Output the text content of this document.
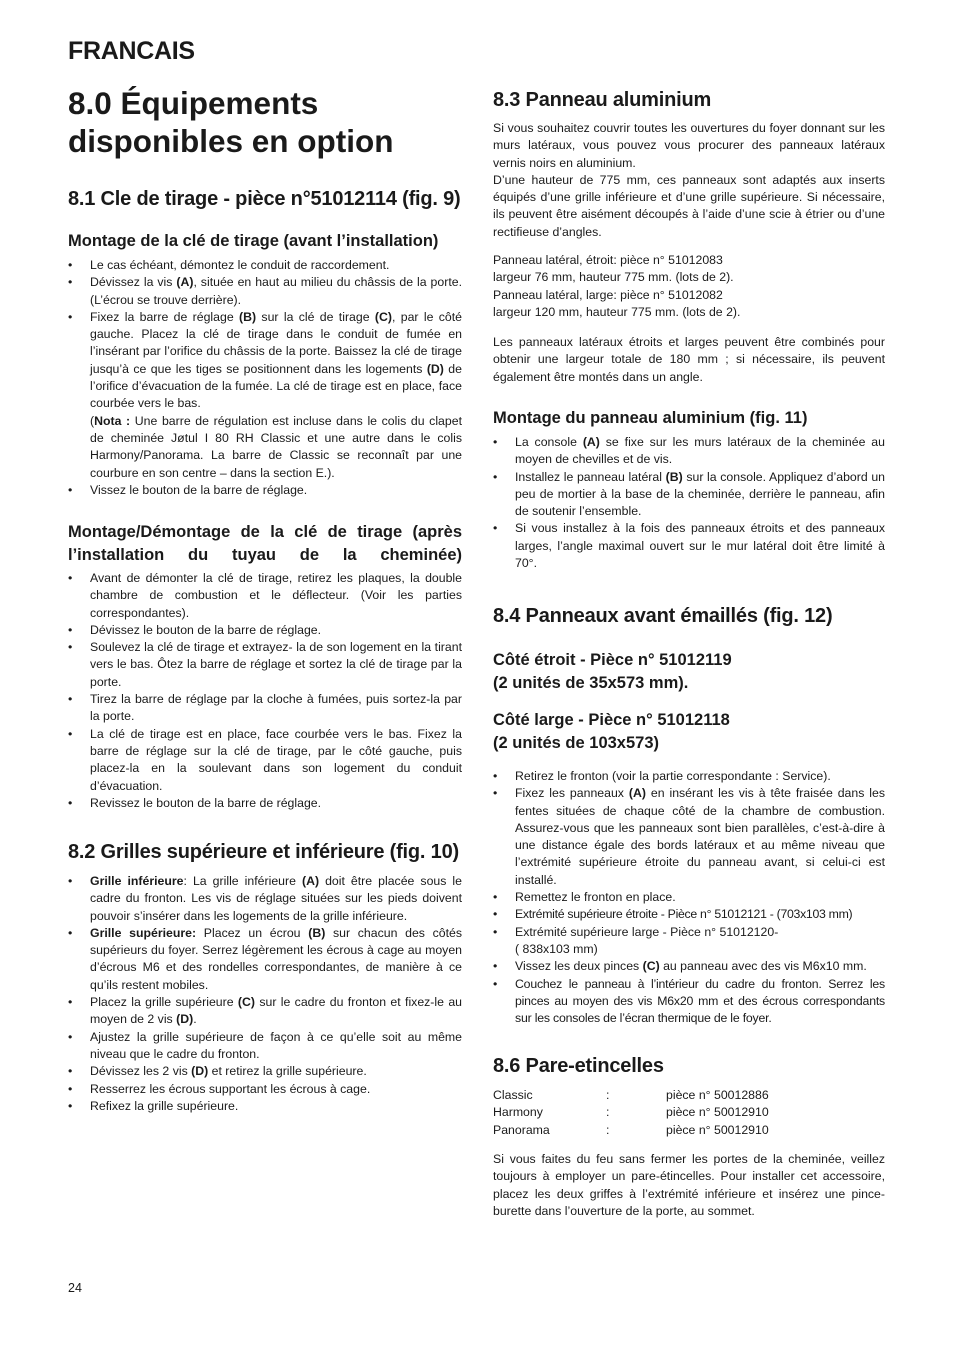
FRANCAIS
8.0 Équipements
disponibles en option
8.1 Cle de tirage - pièce n°51012114 (fig. 9)
Montage de la clé de tirage (avant l’installation)
• Le cas échéant, démontez le conduit de raccordement.
• Dévissez la vis (A), située en haut au milieu du châssis de la porte. (L’écrou se trouve derrière).
• Fixez la barre de réglage (B) sur la clé de tirage (C), par le côté gauche. Placez la clé de tirage dans le conduit de fumée en l’insérant par l’orifice du châssis de la porte. Baissez la clé de tirage jusqu’à ce que les tiges se positionnent dans les logements (D) de l’orifice d’évacuation de la fumée. La clé de tirage est en place, face courbée vers le bas.
(Nota : Une barre de régulation est incluse dans le colis du clapet de cheminée Jøtul I 80 RH Classic et une autre dans le colis Harmony/Panorama. La barre de Classic se reconnaît par une courbure en son centre – dans la section E.).
• Vissez le bouton de la barre de réglage.
Montage/Démontage de la clé de tirage (après l’installation du tuyau de la cheminée)
• Avant de démonter la clé de tirage, retirez les plaques, la double chambre de combustion et le déflecteur. (Voir les parties correspondantes).
• Dévissez le bouton de la barre de réglage.
• Soulevez la clé de tirage et extrayez- la de son logement en la tirant vers le bas. Ôtez la barre de réglage et sortez la clé de tirage par la porte.
• Tirez la barre de réglage par la cloche à fumées, puis sortez-la par la porte.
• La clé de tirage est en place, face courbée vers le bas. Fixez la barre de réglage sur la clé de tirage, par le côté gauche, puis placez-la en la soulevant dans son logement du conduit d’évacuation.
• Revissez le bouton de la barre de réglage.
8.2 Grilles supérieure et inférieure (fig. 10)
• Grille inférieure: La grille inférieure (A) doit être placée sous le cadre du fronton. Les vis de réglage situées sur les pieds doivent pouvoir s’insérer dans les logements de la grille inférieure.
• Grille supérieure: Placez un écrou (B) sur chacun des côtés supérieurs du foyer. Serrez légèrement les écrous à cage au moyen d’écrous M6 et des rondelles correspondantes, de manière à ce qu’ils restent mobiles.
• Placez la grille supérieure (C) sur le cadre du fronton et fixez-le au moyen de 2 vis (D).
• Ajustez la grille supérieure de façon à ce qu’elle soit au même niveau que le cadre du fronton.
• Dévissez les 2 vis (D) et retirez la grille supérieure.
• Resserrez les écrous supportant les écrous à cage.
• Refixez la grille supérieure.
8.3 Panneau aluminium

Si vous souhaitez couvrir toutes les ouvertures du foyer donnant sur les murs latéraux, vous pouvez vous procurer des panneaux latéraux vernis noirs en aluminium.

D’une hauteur de 775 mm, ces panneaux sont adaptés aux inserts équipés d’une grille inférieure et d’une grille supérieure. Si nécessaire, ils peuvent être aisément découpés à l’aide d’une scie à étrier ou d’une rectifieuse d’angles.

Panneau latéral, étroit: pièce n° 51012083
largeur 76 mm, hauteur 775 mm. (lots de 2).
Panneau latéral, large: pièce n° 51012082
largeur 120 mm, hauteur 775 mm. (lots de 2).

Les panneaux latéraux étroits et larges peuvent être combinés pour obtenir une largeur totale de 180 mm ; si nécessaire, ils peuvent également être montés dans un angle.

Montage du panneau aluminium (fig. 11)
• La console (A) se fixe sur les murs latéraux de la cheminée au moyen de chevilles et de vis.
• Installez le panneau latéral (B) sur la console. Appliquez d’abord un peu de mortier à la base de la cheminée, derrière le panneau, afin de soutenir l’ensemble.
• Si vous installez à la fois des panneaux étroits et des panneaux larges, l’angle maximal ouvert sur le mur latéral doit être limité à 70°.
8.4 Panneaux avant émaillés (fig. 12)
Côté étroit - Pièce n° 51012119
(2 unités de 35x573 mm).
Côté large - Pièce n° 51012118
(2 unités de 103x573)
• Retirez le fronton (voir la partie correspondante : Service).
• Fixez les panneaux (A) en insérant les vis à tête fraisée dans les fentes situées de chaque côté de la chambre de combustion. Assurez-vous que les panneaux sont bien parallèles, c’est-à-dire à une distance égale des bords latéraux et au même niveau que l’extrémité supérieure étroite du panneau avant, si celui-ci est installé.
• Remettez le fronton en place.
• Extrémité supérieure étroite - Pièce n° 51012121 - (703x103 mm)
• Extrémité supérieure large - Pièce n° 51012120-
( 838x103 mm)
• Vissez les deux pinces (C) au panneau avec des vis M6x10 mm.
• Couchez le panneau à l’intérieur du cadre du fronton. Serrez les pinces au moyen des vis M6x20 mm et des écrous correspondants sur les consoles de l’écran thermique de le foyer.
8.6 Pare-etincelles
Classic	:	pièce n° 50012886
Harmony	:	pièce n° 50012910
Panorama	:	pièce n° 50012910

Si vous faites du feu sans fermer les portes de la cheminée, veillez toujours à employer un pare-étincelles. Pour installer cet accessoire, placez les deux griffes à l’extrémité inférieure et insérez une pince-burette dans l’ouverture de la porte, au sommet.

24
